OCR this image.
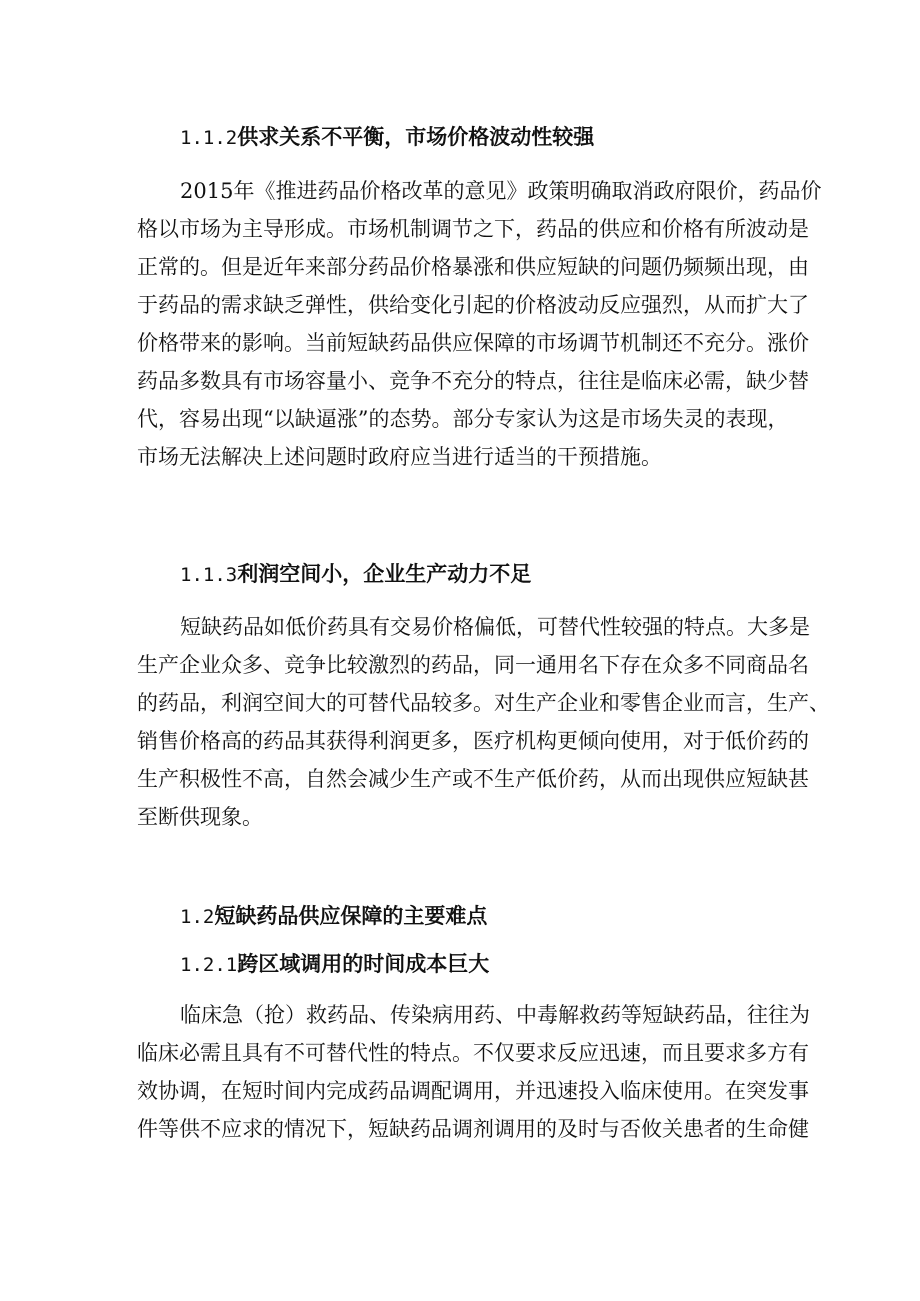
1.1.2供求关系不平衡，市场价格波动性较强
2015年《推进药品价格改革的意见》政策明确取消政府限价，药品价
格以市场为主导形成。市场机制调节之下，药品的供应和价格有所波动是
正常的。但是近年来部分药品价格暴涨和供应短缺的问题仍频频出现，由
于药品的需求缺乏弹性，供给变化引起的价格波动反应强烈，从而扩大了
价格带来的影响。当前短缺药品供应保障的市场调节机制还不充分。涨价
药品多数具有市场容量小、竞争不充分的特点，往往是临床必需，缺少替
代，容易出现“以缺逼涨”的态势。部分专家认为这是市场失灵的表现，
市场无法解决上述问题时政府应当进行适当的干预措施。
1.1.3利润空间小，企业生产动力不足
短缺药品如低价药具有交易价格偏低，可替代性较强的特点。大多是
生产企业众多、竞争比较激烈的药品，同一通用名下存在众多不同商品名
的药品，利润空间大的可替代品较多。对生产企业和零售企业而言，生产、
销售价格高的药品其获得利润更多，医疗机构更倾向使用，对于低价药的
生产积极性不高，自然会减少生产或不生产低价药，从而出现供应短缺甚
至断供现象。
1.2短缺药品供应保障的主要难点
1.2.1跨区域调用的时间成本巨大
临床急（抢）救药品、传染病用药、中毒解救药等短缺药品，往往为
临床必需且具有不可替代性的特点。不仅要求反应迅速，而且要求多方有
效协调，在短时间内完成药品调配调用，并迅速投入临床使用。在突发事
件等供不应求的情况下，短缺药品调剂调用的及时与否攸关患者的生命健
